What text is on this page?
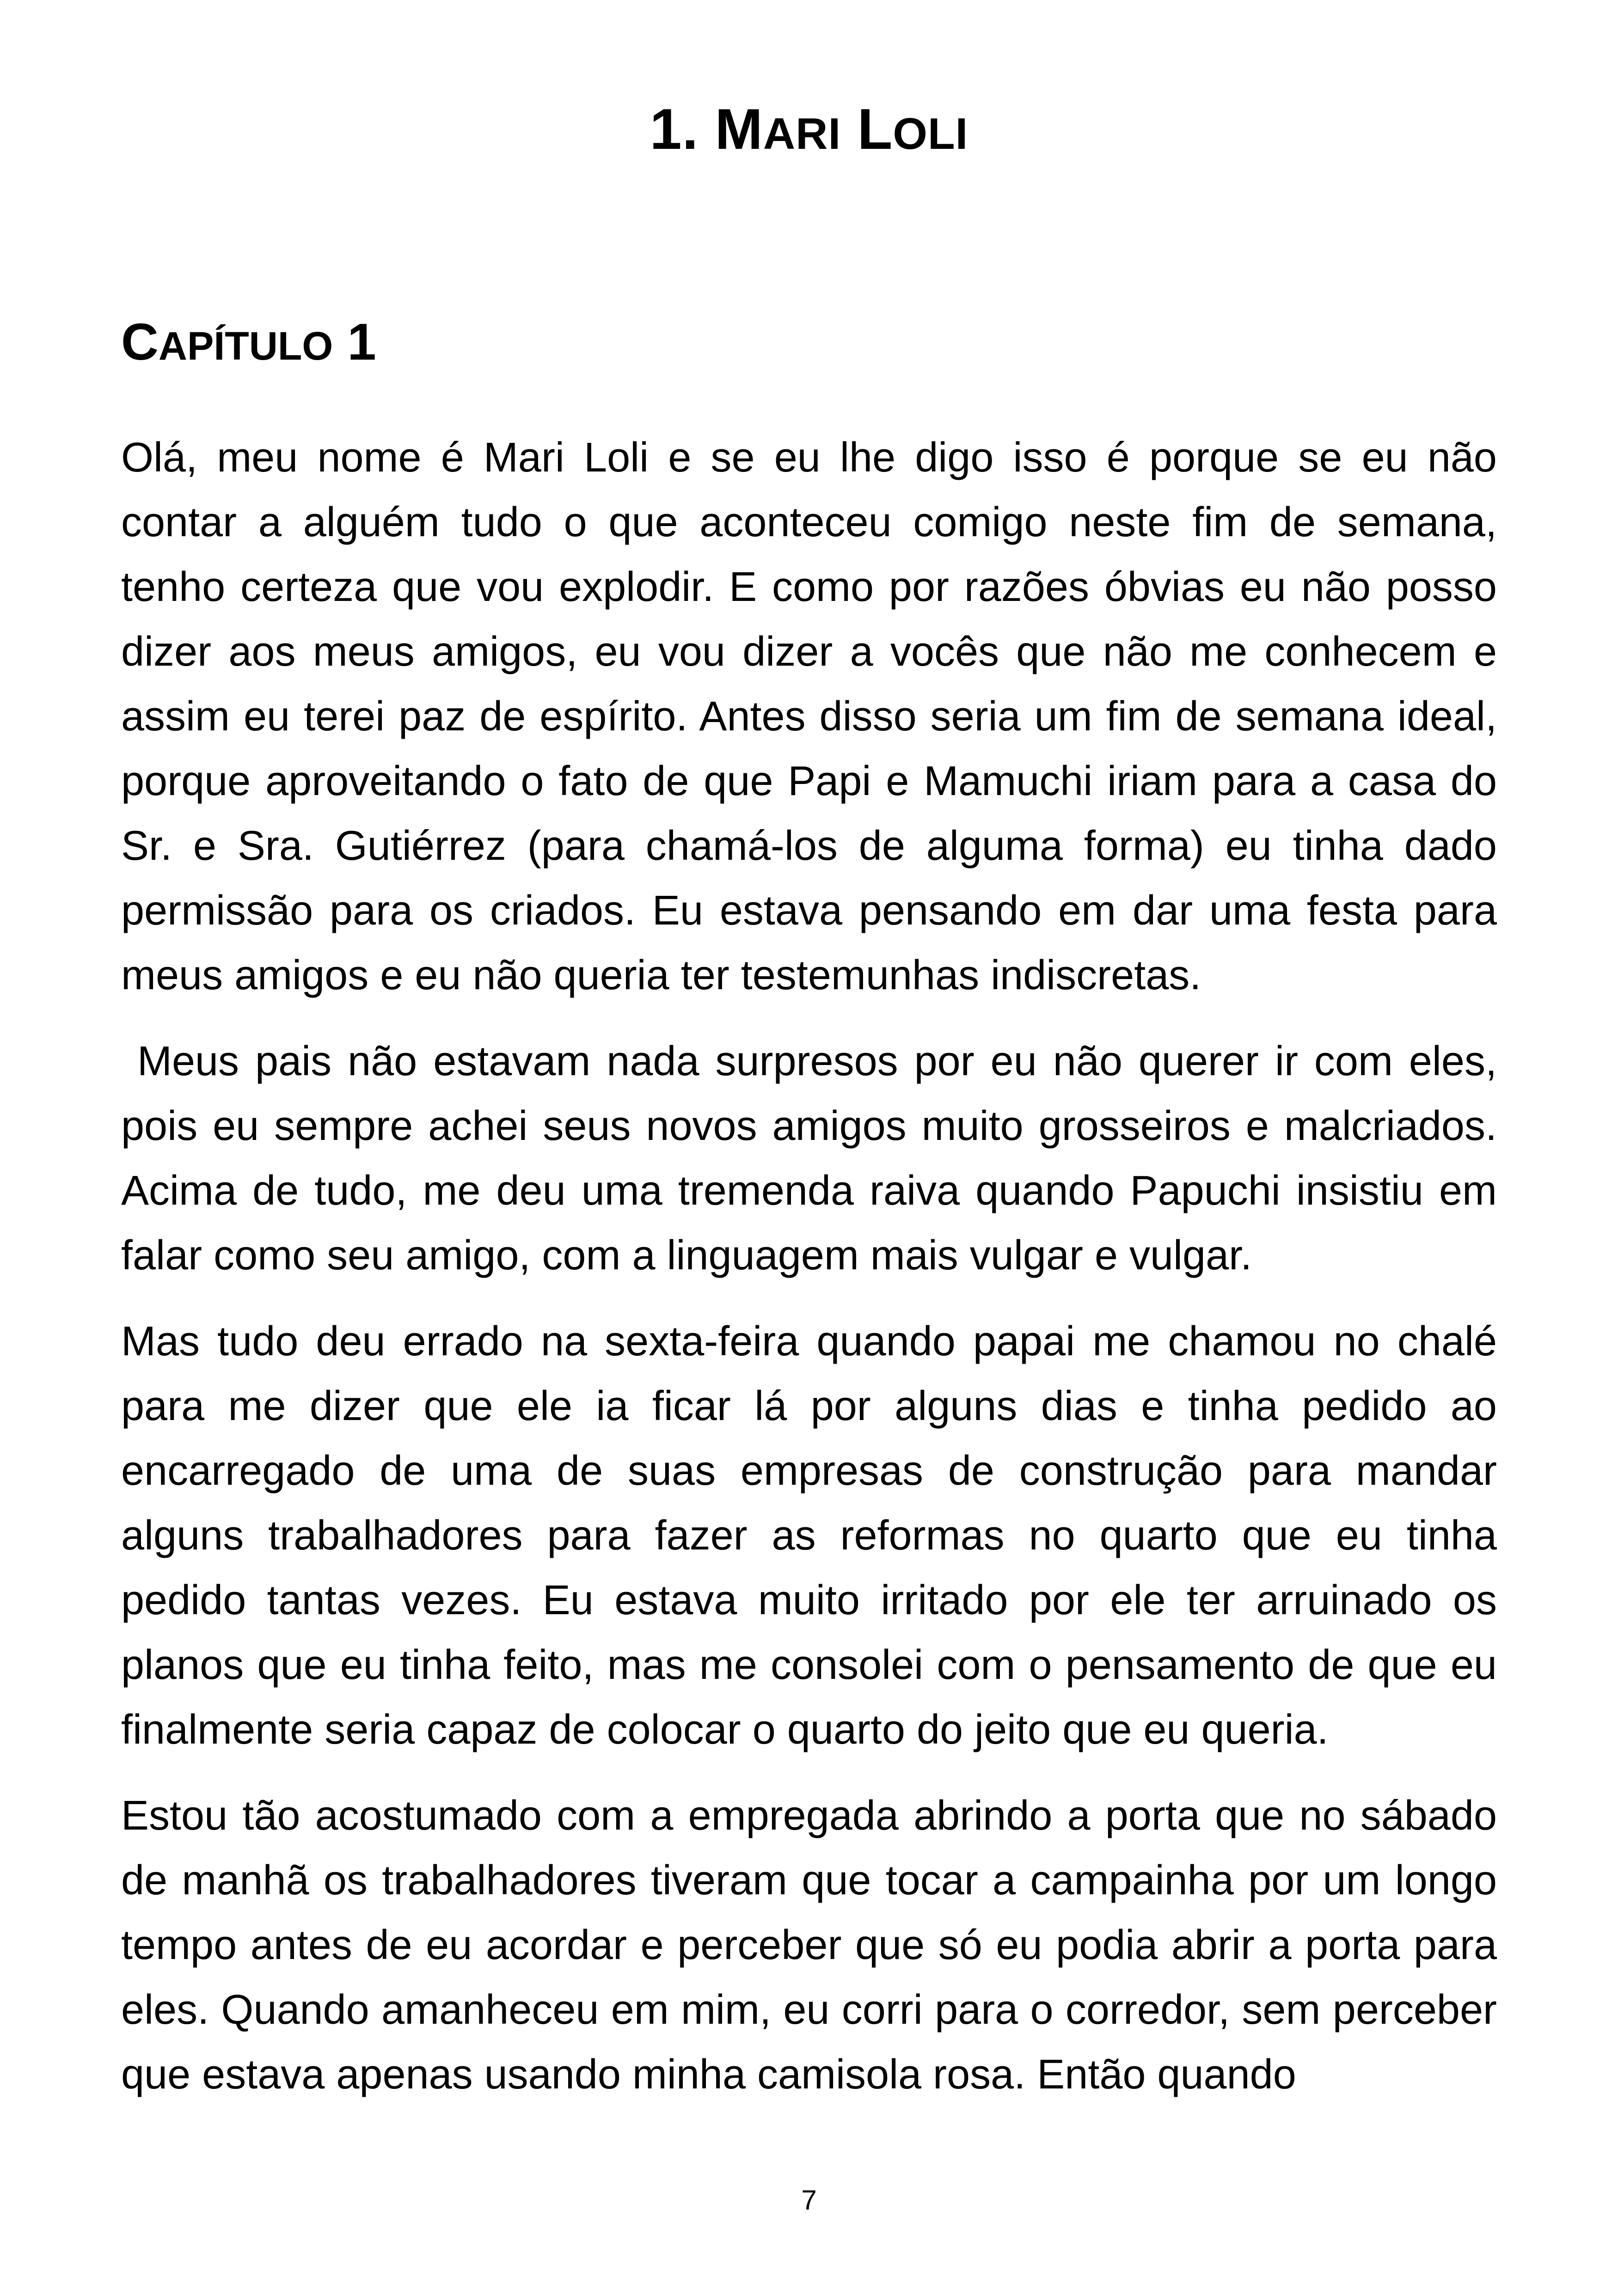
1. MARI LOLI
CAPÍTULO 1

Olá, meu nome é Mari Loli e se eu lhe digo isso é porque se eu não contar a alguém tudo o que aconteceu comigo neste fim de semana, tenho certeza que vou explodir. E como por razões óbvias eu não posso dizer aos meus amigos, eu vou dizer a vocês que não me conhecem e assim eu terei paz de espírito. Antes disso seria um fim de semana ideal, porque aproveitando o fato de que Papi e Mamuchi iriam para a casa do Sr. e Sra. Gutiérrez (para chamá-los de alguma forma) eu tinha dado permissão para os criados. Eu estava pensando em dar uma festa para meus amigos e eu não queria ter testemunhas indiscretas.

Meus pais não estavam nada surpresos por eu não querer ir com eles, pois eu sempre achei seus novos amigos muito grosseiros e malcriados. Acima de tudo, me deu uma tremenda raiva quando Papuchi insistiu em falar como seu amigo, com a linguagem mais vulgar e vulgar.

Mas tudo deu errado na sexta-feira quando papai me chamou no chalé para me dizer que ele ia ficar lá por alguns dias e tinha pedido ao encarregado de uma de suas empresas de construção para mandar alguns trabalhadores para fazer as reformas no quarto que eu tinha pedido tantas vezes. Eu estava muito irritado por ele ter arruinado os planos que eu tinha feito, mas me consolei com o pensamento de que eu finalmente seria capaz de colocar o quarto do jeito que eu queria.

Estou tão acostumado com a empregada abrindo a porta que no sábado de manhã os trabalhadores tiveram que tocar a campainha por um longo tempo antes de eu acordar e perceber que só eu podia abrir a porta para eles. Quando amanheceu em mim, eu corri para o corredor, sem perceber que estava apenas usando minha camisola rosa. Então quando

7
